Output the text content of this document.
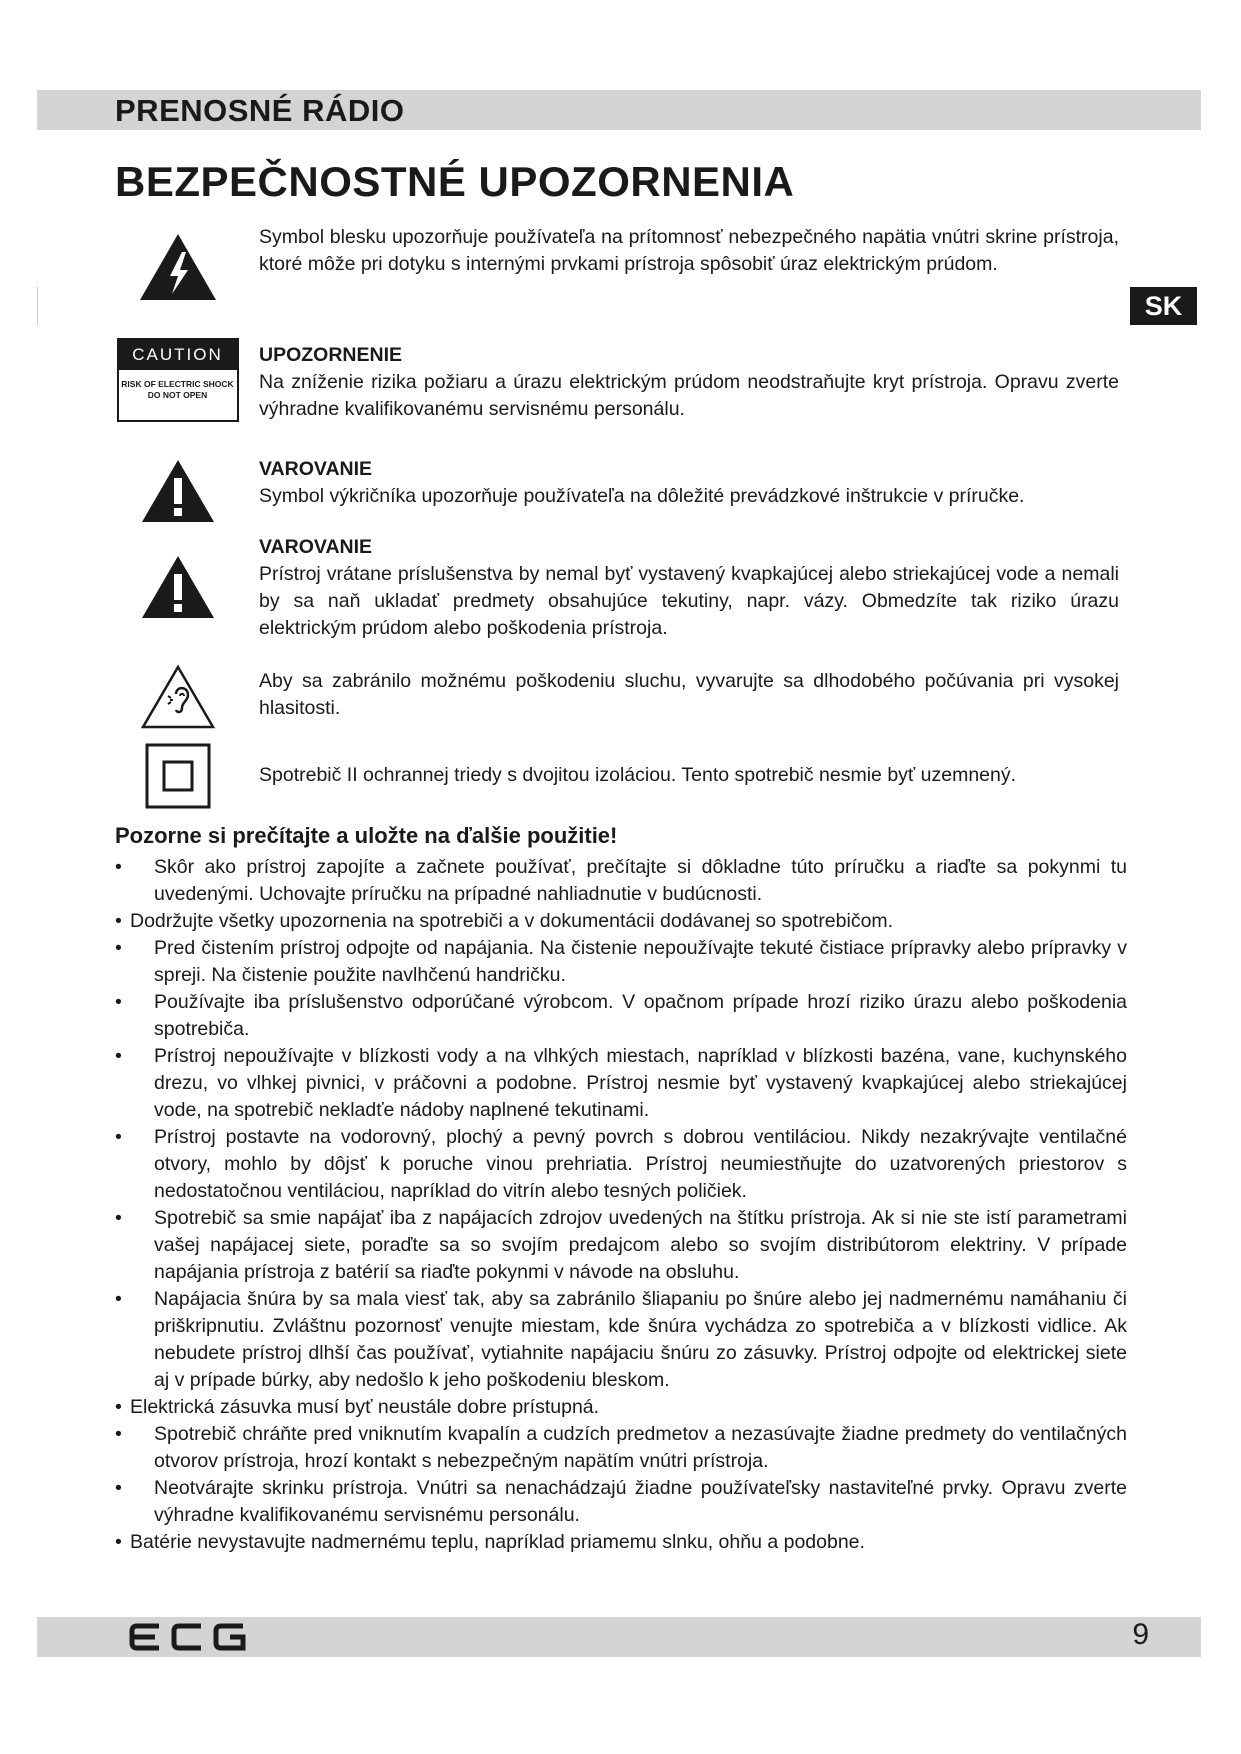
PRENOSNÉ RÁDIO
BEZPEČNOSTNÉ UPOZORNENIA
SK
Symbol blesku upozorňuje používateľa na prítomnosť nebezpečného napätia vnútri skrine prístroja, ktoré môže pri dotyku s internými prvkami prístroja spôsobiť úraz elektrickým prúdom.
CAUTION
RISK OF ELECTRIC SHOCK
DO NOT OPEN
UPOZORNENIE
Na zníženie rizika požiaru a úrazu elektrickým prúdom neodstraňujte kryt prístroja. Opravu zverte výhradne kvalifikovanému servisnému personálu.
VAROVANIE
Symbol výkričníka upozorňuje používateľa na dôležité prevádzkové inštrukcie v príručke.
VAROVANIE
Prístroj vrátane príslušenstva by nemal byť vystavený kvapkajúcej alebo striekajúcej vode a nemali by sa naň ukladať predmety obsahujúce tekutiny, napr. vázy. Obmedzíte tak riziko úrazu elektrickým prúdom alebo poškodenia prístroja.
Aby sa zabránilo možnému poškodeniu sluchu, vyvarujte sa dlhodobého počúvania pri vysokej hlasitosti.
Spotrebič II ochrannej triedy s dvojitou izoláciou. Tento spotrebič nesmie byť uzemnený.
Pozorne si prečítajte a uložte na ďalšie použitie!
• Skôr ako prístroj zapojíte a začnete používať, prečítajte si dôkladne túto príručku a riaďte sa pokynmi tu uvedenými. Uchovajte príručku na prípadné nahliadnutie v budúcnosti.
• Dodržujte všetky upozornenia na spotrebiči a v dokumentácii dodávanej so spotrebičom.
• Pred čistením prístroj odpojte od napájania. Na čistenie nepoužívajte tekuté čistiace prípravky alebo prípravky v spreji. Na čistenie použite navlhčenú handričku.
• Používajte iba príslušenstvo odporúčané výrobcom. V opačnom prípade hrozí riziko úrazu alebo poškodenia spotrebiča.
• Prístroj nepoužívajte v blízkosti vody a na vlhkých miestach, napríklad v blízkosti bazéna, vane, kuchynského drezu, vo vlhkej pivnici, v práčovni a podobne. Prístroj nesmie byť vystavený kvapkajúcej alebo striekajúcej vode, na spotrebič nekladťe nádoby naplnené tekutinami.
• Prístroj postavte na vodorovný, plochý a pevný povrch s dobrou ventiláciou. Nikdy nezakrývajte ventilačné otvory, mohlo by dôjsť k poruche vinou prehriatia. Prístroj neumiestňujte do uzatvorených priestorov s nedostatočnou ventiláciou, napríklad do vitrín alebo tesných poličiek.
• Spotrebič sa smie napájať iba z napájacích zdrojov uvedených na štítku prístroja. Ak si nie ste istí parametrami vašej napájacej siete, poraďte sa so svojím predajcom alebo so svojím distribútorom elektriny. V prípade napájania prístroja z batérií sa riaďte pokynmi v návode na obsluhu.
• Napájacia šnúra by sa mala viesť tak, aby sa zabránilo šliapaniu po šnúre alebo jej nadmernému namáhaniu či priškripnutiu. Zvláštnu pozornosť venujte miestam, kde šnúra vychádza zo spotrebiča a v blízkosti vidlice. Ak nebudete prístroj dlhší čas používať, vytiahnite napájaciu šnúru zo zásuvky. Prístroj odpojte od elektrickej siete aj v prípade búrky, aby nedošlo k jeho poškodeniu bleskom.
• Elektrická zásuvka musí byť neustále dobre prístupná.
• Spotrebič chráňte pred vniknutím kvapalín a cudzích predmetov a nezasúvajte žiadne predmety do ventilačných otvorov prístroja, hrozí kontakt s nebezpečným napätím vnútri prístroja.
• Neotvárajte skrinku prístroja. Vnútri sa nenachádzajú žiadne používateľsky nastaviteľné prvky. Opravu zverte výhradne kvalifikovanému servisnému personálu.
• Batérie nevystavujte nadmernému teplu, napríklad priamemu slnku, ohňu a podobne.
9
